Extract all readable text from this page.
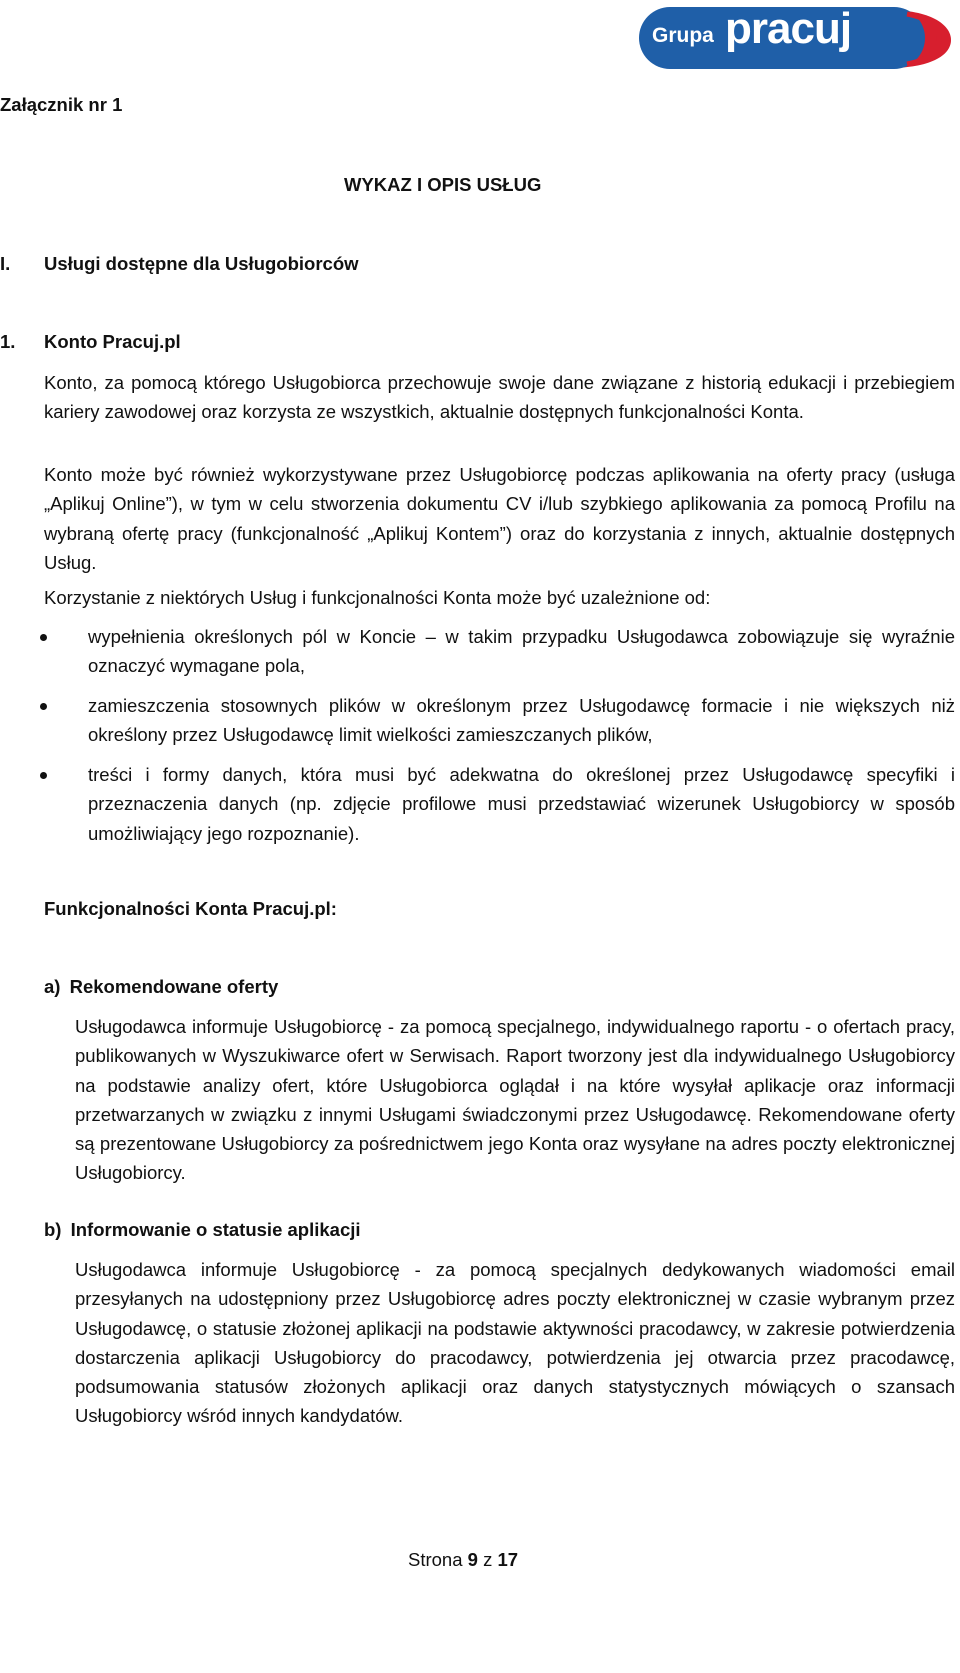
Grupa pracuj
Załącznik nr 1
WYKAZ I OPIS USŁUG
I. Usługi dostępne dla Usługobiorców
1. Konto Pracuj.pl

Konto, za pomocą którego Usługobiorca przechowuje swoje dane związane z historią edukacji i przebiegiem kariery zawodowej oraz korzysta ze wszystkich, aktualnie dostępnych funkcjonalności Konta.

Konto może być również wykorzystywane przez Usługobiorcę podczas aplikowania na oferty pracy (usługa „Aplikuj Online”), w tym w celu stworzenia dokumentu CV i/lub szybkiego aplikowania za pomocą Profilu na wybraną ofertę pracy (funkcjonalność „Aplikuj Kontem”) oraz do korzystania z innych, aktualnie dostępnych Usług.

Korzystanie z niektórych Usług i funkcjonalności Konta może być uzależnione od:

wypełnienia określonych pól w Koncie – w takim przypadku Usługodawca zobowiązuje się wyraźnie oznaczyć wymagane pola,

zamieszczenia stosownych plików w określonym przez Usługodawcę formacie i nie większych niż określony przez Usługodawcę limit wielkości zamieszczanych plików,

treści i formy danych, która musi być adekwatna do określonej przez Usługodawcę specyfiki i przeznaczenia danych (np. zdjęcie profilowe musi przedstawiać wizerunek Usługobiorcy w sposób umożliwiający jego rozpoznanie).

Funkcjonalności Konta Pracuj.pl:
a) Rekomendowane oferty

Usługodawca informuje Usługobiorcę - za pomocą specjalnego, indywidualnego raportu - o ofertach pracy, publikowanych w Wyszukiwarce ofert w Serwisach. Raport tworzony jest dla indywidualnego Usługobiorcy na podstawie analizy ofert, które Usługobiorca oglądał i na które wysyłał aplikacje oraz informacji przetwarzanych w związku z innymi Usługami świadczonymi przez Usługodawcę. Rekomendowane oferty są prezentowane Usługobiorcy za pośrednictwem jego Konta oraz wysyłane na adres poczty elektronicznej Usługobiorcy.

b) Informowanie o statusie aplikacji

Usługodawca informuje Usługobiorcę - za pomocą specjalnych dedykowanych wiadomości email przesyłanych na udostępniony przez Usługobiorcę adres poczty elektronicznej w czasie wybranym przez Usługodawcę, o statusie złożonej aplikacji na podstawie aktywności pracodawcy, w zakresie potwierdzenia dostarczenia aplikacji Usługobiorcy do pracodawcy, potwierdzenia jej otwarcia przez pracodawcę, podsumowania statusów złożonych aplikacji oraz danych statystycznych mówiących o szansach Usługobiorcy wśród innych kandydatów.

Strona 9 z 17
